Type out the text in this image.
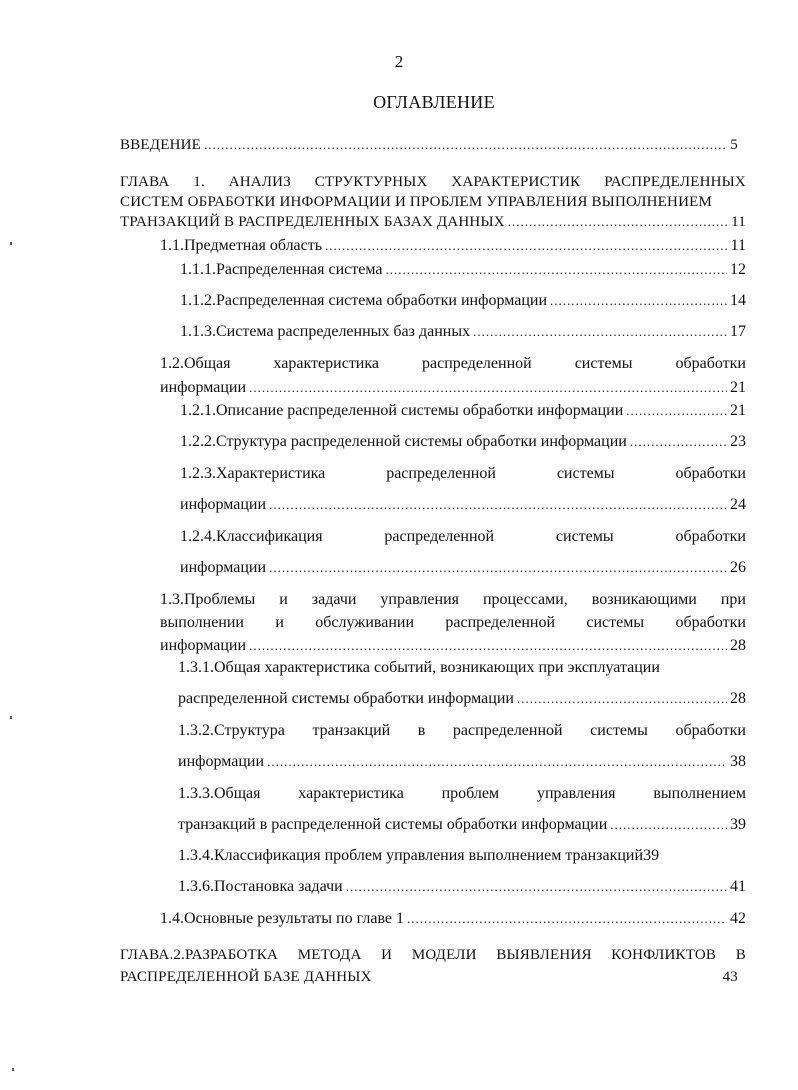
2
ОГЛАВЛЕНИЕ
ВВЕДЕНИЕ .....	5
ГЛАВА 1. АНАЛИЗ СТРУКТУРНЫХ ХАРАКТЕРИСТИК РАСПРЕДЕЛЕННЫХ
СИСТЕМ ОБРАБОТКИ ИНФОРМАЦИИ И ПРОБЛЕМ УПРАВЛЕНИЯ ВЫПОЛНЕНИЕМ
ТРАНЗАКЦИЙ В РАСПРЕДЕЛЕННЫХ БАЗАХ ДАННЫХ .....	11
1.1.Предметная область .....	11
1.1.1.Распределенная система .....	12
1.1.2.Распределенная система обработки информации .....	14
1.1.3.Система распределенных баз данных .....	17
1.2.Общая	характеристика	распределенной	системы	обработки
информации .....	21
1.2.1.Описание распределенной системы обработки информации .....	21
1.2.2.Структура распределенной системы обработки информации .....	23
1.2.3.Характеристика	распределенной	системы	обработки
информации .....	24
1.2.4.Классификация	распределенной	системы	обработки
информации .....	26
1.3.Проблемы и задачи управления процессами, возникающими при
выполнении и обслуживании распределенной системы обработки
информации .....	28
1.3.1.Общая характеристика событий, возникающих при эксплуатации
распределенной системы обработки информации .....	28
1.3.2.Структура транзакций в распределенной системы обработки
информации .....	38
1.3.3.Общая характеристика проблем управления выполнением
транзакций в распределенной системы обработки информации .....	39
1.3.4.Классификация проблем управления выполнением транзакций 39
1.3.6.Постановка задачи .....	41
1.4.Основные результаты по главе 1 .....	42
ГЛАВА.2.РАЗРАБОТКА МЕТОДА И МОДЕЛИ ВЫЯВЛЕНИЯ КОНФЛИКТОВ В
РАСПРЕДЕЛЕННОЙ БАЗЕ ДАННЫХ	43
